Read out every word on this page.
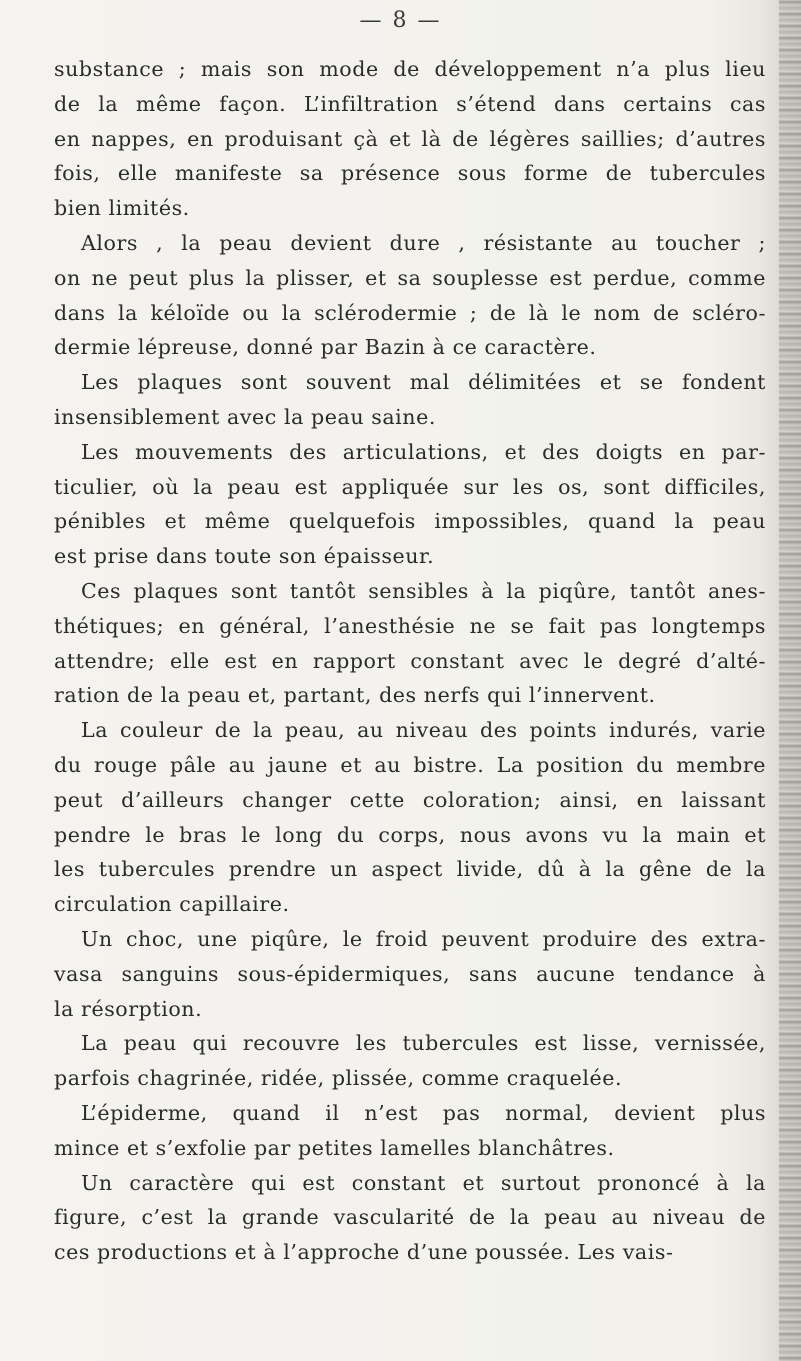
— 8 —
substance ; mais son mode de développement n’a plus lieu
de la même façon. L’infiltration s’étend dans certains cas
en nappes, en produisant çà et là de légères saillies; d’autres
fois, elle manifeste sa présence sous forme de tubercules
bien limités.
Alors , la peau devient dure , résistante au toucher ;
on ne peut plus la plisser, et sa souplesse est perdue, comme
dans la kéloïde ou la sclérodermie ; de là le nom de scléro-
dermie lépreuse, donné par Bazin à ce caractère.
Les plaques sont souvent mal délimitées et se fondent
insensiblement avec la peau saine.
Les mouvements des articulations, et des doigts en par-
ticulier, où la peau est appliquée sur les os, sont difficiles,
pénibles et même quelquefois impossibles, quand la peau
est prise dans toute son épaisseur.
Ces plaques sont tantôt sensibles à la piqûre, tantôt anes-
thétiques; en général, l’anesthésie ne se fait pas longtemps
attendre; elle est en rapport constant avec le degré d’alté-
ration de la peau et, partant, des nerfs qui l’innervent.
La couleur de la peau, au niveau des points indurés, varie
du rouge pâle au jaune et au bistre. La position du membre
peut d’ailleurs changer cette coloration; ainsi, en laissant
pendre le bras le long du corps, nous avons vu la main et
les tubercules prendre un aspect livide, dû à la gêne de la
circulation capillaire.
Un choc, une piqûre, le froid peuvent produire des extra-
vasa sanguins sous-épidermiques, sans aucune tendance à
la résorption.
La peau qui recouvre les tubercules est lisse, vernissée,
parfois chagrinée, ridée, plissée, comme craquelée.
L’épiderme, quand il n’est pas normal, devient plus
mince et s’exfolie par petites lamelles blanchâtres.
Un caractère qui est constant et surtout prononcé à la
figure, c’est la grande vascularité de la peau au niveau de
ces productions et à l’approche d’une poussée. Les vais-
